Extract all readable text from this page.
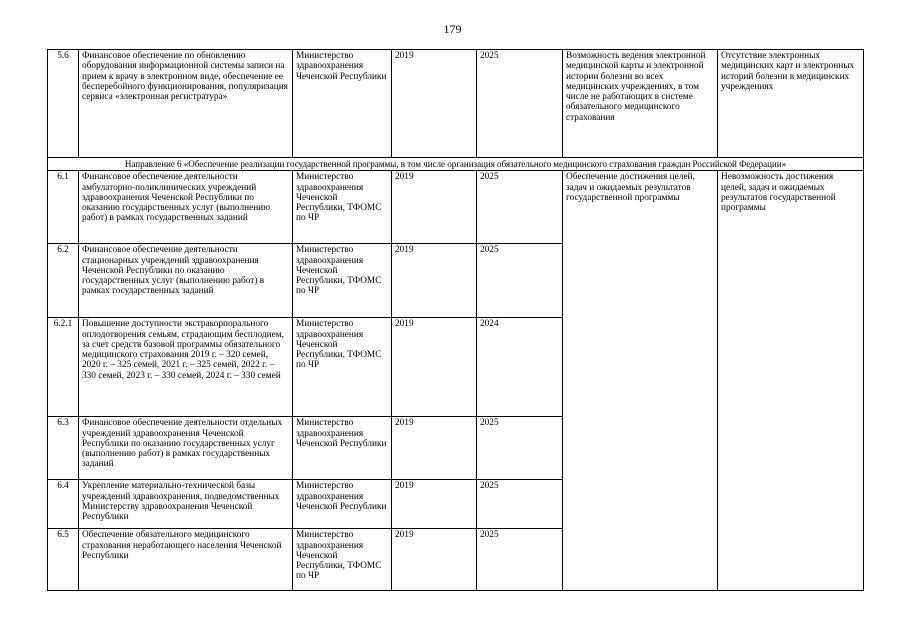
179
5.6	Финансовое обеспечение по обновлению оборудования информационной системы записи на прием к врачу в электронном виде, обеспечение ее бесперебойного функционирования, популяризация сервиса «электронная регистратура»	Министерство здравоохранения Чеченской Республики	2019	2025	Возможность ведения электронной медицинской карты и электронной истории болезни во всех медицинских учреждениях, в том числе не работающих в системе обязательного медицинского страхования	Отсутствие электронных медицинских карт и электронных историй болезни в медицинских учреждениях
Направление 6 «Обеспечение реализации государственной программы, в том числе организация обязательного медицинского страхования граждан Российской Федерации»						
6.1	Финансовое обеспечение деятельности амбулаторно-поликлинических учреждений здравоохранения Чеченской Республики по оказанию государственных услуг (выполнению работ) в рамках государственных заданий	Министерство здравоохранения Чеченской Республики, ТФОМС по ЧР	2019	2025	Обеспечение достижения целей, задач и ожидаемых результатов государственной программы	Невозможность достижения целей, задач и ожидаемых результатов государственной программы
6.2	Финансовое обеспечение деятельности стационарных учреждений здравоохранения Чеченской Республики по оказанию государственных услуг (выполнению работ) в рамках государственных заданий	Министерство здравоохранения Чеченской Республики, ТФОМС по ЧР	2019	2025		
6.2.1	Повышение доступности экстракорпорального оплодотворения семьям, страдающим бесплодием, за счет средств базовой программы обязательного медицинского страхования 2019 г. – 320 семей, 2020 г. – 325 семей, 2021 г. – 325 семей, 2022 г. – 330 семей, 2023 г. – 330 семей, 2024 г. – 330 семей	Министерство здравоохранения Чеченской Республики, ТФОМС по ЧР	2019	2024		
6.3	Финансовое обеспечение деятельности отдельных учреждений здравоохранения Чеченской Республики по оказанию государственных услуг (выполнению работ) в рамках государственных заданий	Министерство здравоохранения Чеченской Республики	2019	2025		
6.4	Укрепление материально-технической базы учреждений здравоохранения, подведомственных Министерству здравоохранения Чеченской Республики	Министерство здравоохранения Чеченской Республики	2019	2025		
6.5	Обеспечение обязательного медицинского страхования неработающего населения Чеченской Республики	Министерство здравоохранения Чеченской Республики, ТФОМС по ЧР	2019	2025		
